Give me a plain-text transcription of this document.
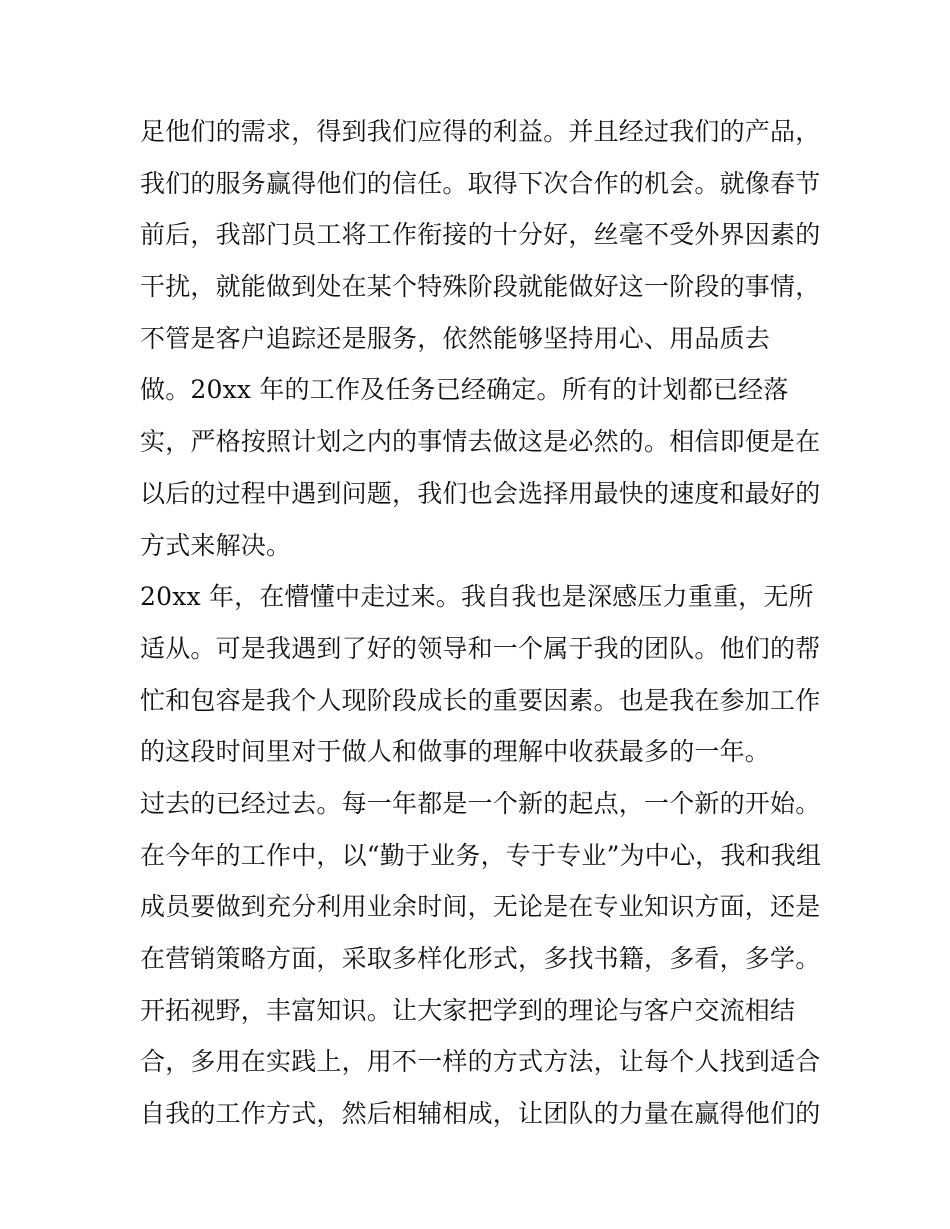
足他们的需求，得到我们应得的利益。并且经过我们的产品，
我们的服务赢得他们的信任。取得下次合作的机会。就像春节
前后，我部门员工将工作衔接的十分好，丝毫不受外界因素的
干扰，就能做到处在某个特殊阶段就能做好这一阶段的事情，
不管是客户追踪还是服务，依然能够坚持用心、用品质去
做。20xx 年的工作及任务已经确定。所有的计划都已经落
实，严格按照计划之内的事情去做这是必然的。相信即便是在
以后的过程中遇到问题，我们也会选择用最快的速度和最好的
方式来解决。
20xx 年，在懵懂中走过来。我自我也是深感压力重重，无所
适从。可是我遇到了好的领导和一个属于我的团队。他们的帮
忙和包容是我个人现阶段成长的重要因素。也是我在参加工作
的这段时间里对于做人和做事的理解中收获最多的一年。
过去的已经过去。每一年都是一个新的起点，一个新的开始。
在今年的工作中，以“勤于业务，专于专业”为中心，我和我组
成员要做到充分利用业余时间，无论是在专业知识方面，还是
在营销策略方面，采取多样化形式，多找书籍，多看，多学。
开拓视野，丰富知识。让大家把学到的理论与客户交流相结
合，多用在实践上，用不一样的方式方法，让每个人找到适合
自我的工作方式，然后相辅相成，让团队的力量在赢得他们的
